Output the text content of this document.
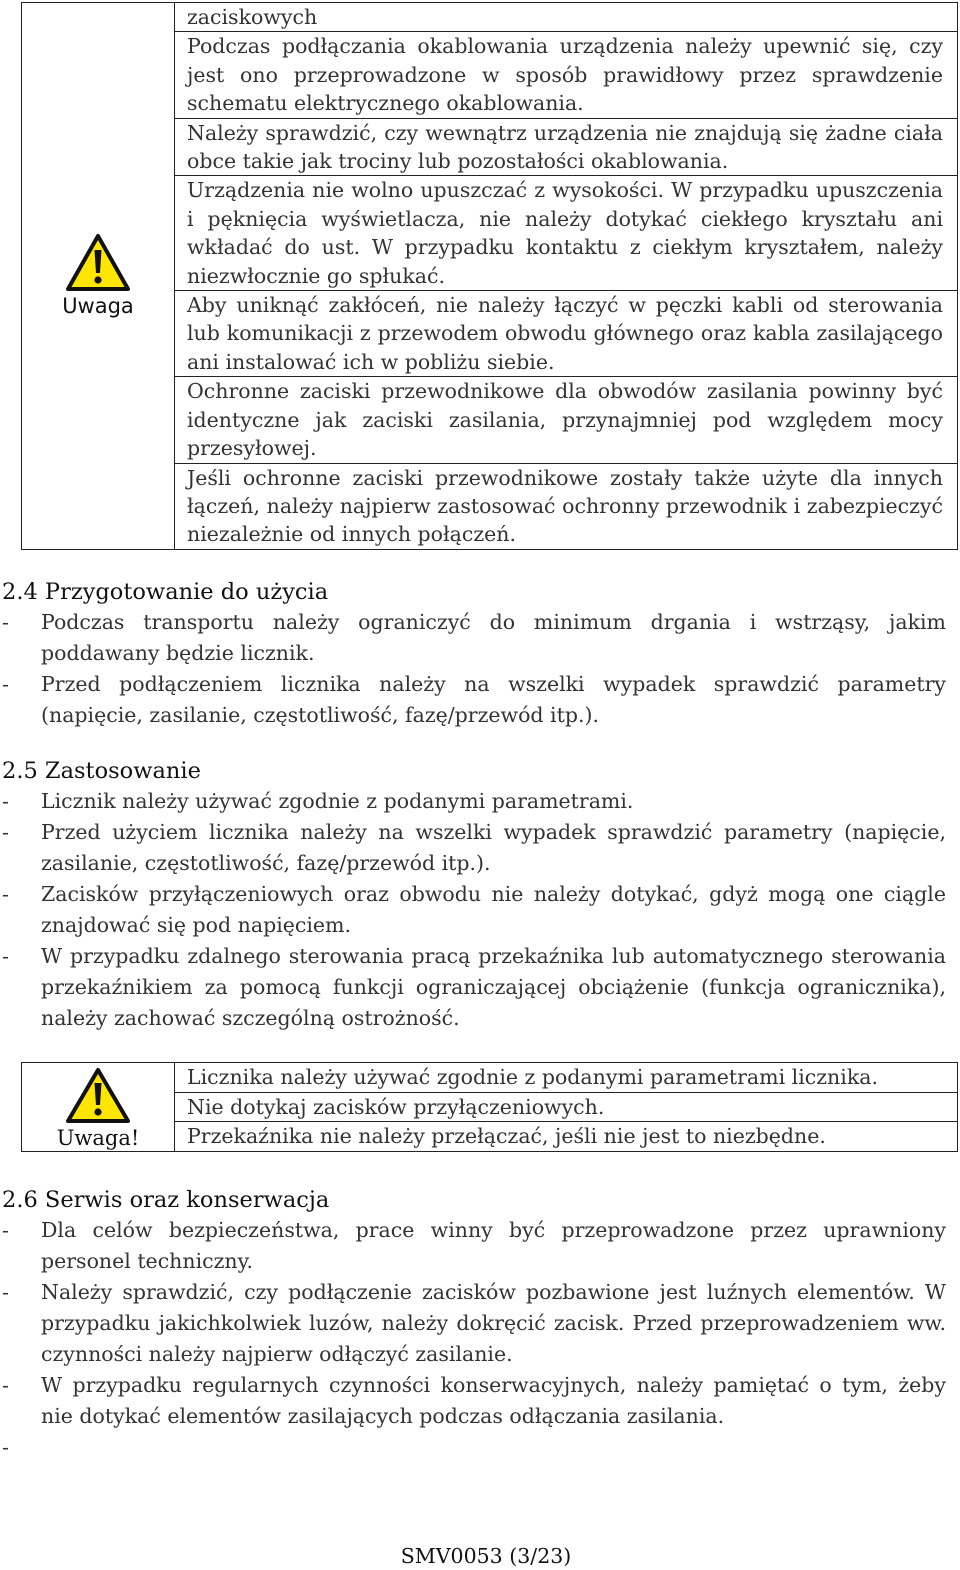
Uwaga
	zaciskowych
Podczas podłączania okablowania urządzenia należy upewnić się, czy jest ono przeprowadzone w sposób prawidłowy przez sprawdzenie schematu elektrycznego okablowania.
Należy sprawdzić, czy wewnątrz urządzenia nie znajdują się żadne ciała obce takie jak trociny lub pozostałości okablowania.
Urządzenia nie wolno upuszczać z wysokości. W przypadku upuszczenia i pęknięcia wyświetlacza, nie należy dotykać ciekłego kryształu ani wkładać do ust. W przypadku kontaktu z ciekłym kryształem, należy niezwłocznie go spłukać.
Aby uniknąć zakłóceń, nie należy łączyć w pęczki kabli od sterowania lub komunikacji z przewodem obwodu głównego oraz kabla zasilającego ani instalować ich w pobliżu siebie.
Ochronne zaciski przewodnikowe dla obwodów zasilania powinny być identyczne jak zaciski zasilania, przynajmniej pod względem mocy przesyłowej.
Jeśli ochronne zaciski przewodnikowe zostały także użyte dla innych łączeń, należy najpierw zastosować ochronny przewodnik i zabezpieczyć niezależnie od innych połączeń.
2.4 Przygotowanie do użycia
- Podczas transportu należy ograniczyć do minimum drgania i wstrząsy, jakim poddawany będzie licznik.
- Przed podłączeniem licznika należy na wszelki wypadek sprawdzić parametry (napięcie, zasilanie, częstotliwość, fazę/przewód itp.).
2.5 Zastosowanie
- Licznik należy używać zgodnie z podanymi parametrami.
- Przed użyciem licznika należy na wszelki wypadek sprawdzić parametry (napięcie, zasilanie, częstotliwość, fazę/przewód itp.).
- Zacisków przyłączeniowych oraz obwodu nie należy dotykać, gdyż mogą one ciągle znajdować się pod napięciem.
- W przypadku zdalnego sterowania pracą przekaźnika lub automatycznego sterowania przekaźnikiem za pomocą funkcji ograniczającej obciążenie (funkcja ogranicznika), należy zachować szczególną ostrożność.
Uwaga!
	Licznika należy używać zgodnie z podanymi parametrami licznika.
Nie dotykaj zacisków przyłączeniowych.
Przekaźnika nie należy przełączać, jeśli nie jest to niezbędne.
2.6 Serwis oraz konserwacja
- Dla celów bezpieczeństwa, prace winny być przeprowadzone przez uprawniony personel techniczny.
- Należy sprawdzić, czy podłączenie zacisków pozbawione jest luźnych elementów. W przypadku jakichkolwiek luzów, należy dokręcić zacisk. Przed przeprowadzeniem ww. czynności należy najpierw odłączyć zasilanie.
- W przypadku regularnych czynności konserwacyjnych, należy pamiętać o tym, żeby nie dotykać elementów zasilających podczas odłączania zasilania.
-
SMV0053 (3/23)
